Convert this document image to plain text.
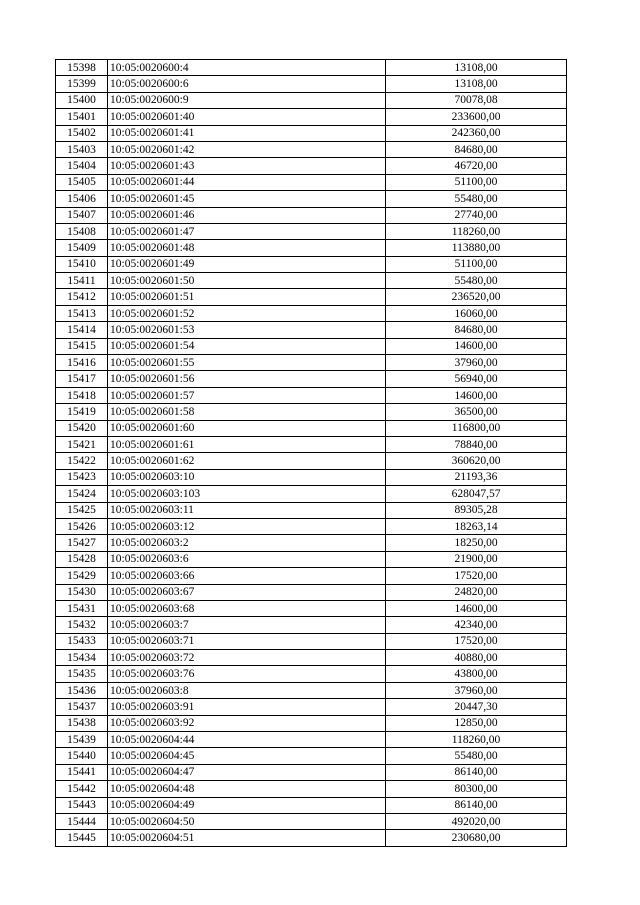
15398	10:05:0020600:4	13108,00
15399	10:05:0020600:6	13108,00
15400	10:05:0020600:9	70078,08
15401	10:05:0020601:40	233600,00
15402	10:05:0020601:41	242360,00
15403	10:05:0020601:42	84680,00
15404	10:05:0020601:43	46720,00
15405	10:05:0020601:44	51100,00
15406	10:05:0020601:45	55480,00
15407	10:05:0020601:46	27740,00
15408	10:05:0020601:47	118260,00
15409	10:05:0020601:48	113880,00
15410	10:05:0020601:49	51100,00
15411	10:05:0020601:50	55480,00
15412	10:05:0020601:51	236520,00
15413	10:05:0020601:52	16060,00
15414	10:05:0020601:53	84680,00
15415	10:05:0020601:54	14600,00
15416	10:05:0020601:55	37960,00
15417	10:05:0020601:56	56940,00
15418	10:05:0020601:57	14600,00
15419	10:05:0020601:58	36500,00
15420	10:05:0020601:60	116800,00
15421	10:05:0020601:61	78840,00
15422	10:05:0020601:62	360620,00
15423	10:05:0020603:10	21193,36
15424	10:05:0020603:103	628047,57
15425	10:05:0020603:11	89305,28
15426	10:05:0020603:12	18263,14
15427	10:05:0020603:2	18250,00
15428	10:05:0020603:6	21900,00
15429	10:05:0020603:66	17520,00
15430	10:05:0020603:67	24820,00
15431	10:05:0020603:68	14600,00
15432	10:05:0020603:7	42340,00
15433	10:05:0020603:71	17520,00
15434	10:05:0020603:72	40880,00
15435	10:05:0020603:76	43800,00
15436	10:05:0020603:8	37960,00
15437	10:05:0020603:91	20447,30
15438	10:05:0020603:92	12850,00
15439	10:05:0020604:44	118260,00
15440	10:05:0020604:45	55480,00
15441	10:05:0020604:47	86140,00
15442	10:05:0020604:48	80300,00
15443	10:05:0020604:49	86140,00
15444	10:05:0020604:50	492020,00
15445	10:05:0020604:51	230680,00
